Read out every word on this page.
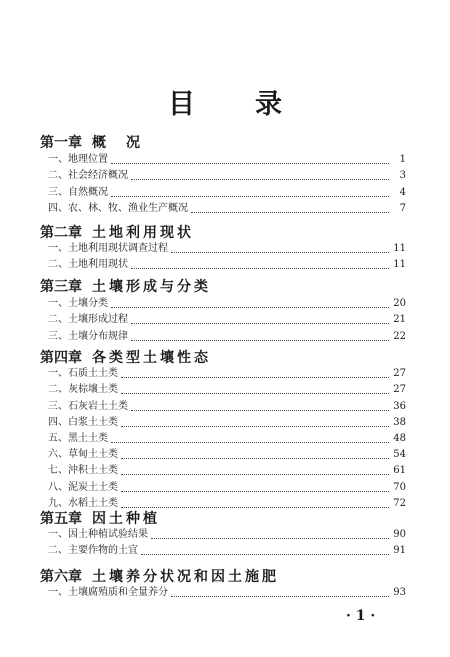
目 录
第一章 概　况
一、地理位置	1
二、社会经济概况	3
三、自然概况	4
四、农、林、牧、渔业生产概况	7
第二章 土地利用现状
一、土地利用现状调查过程	11
二、土地利用现状	11
第三章 土壤形成与分类
一、土壤分类	20
二、土壤形成过程	21
三、土壤分布规律	22
第四章 各类型土壤性态
一、石质土土类	27
二、灰棕壤土类	27
三、石灰岩土土类	36
四、白浆土土类	38
五、黑土土类	48
六、草甸土土类	54
七、沖积土土类	61
八、泥炭土土类	70
九、水稻土土类	72
第五章 因土种植
一、因土种植试验结果	90
二、主要作物的土宜	91
第六章 土壤养分状况和因土施肥
一、土壤腐殖质和全量养分	93
· 1 ·
